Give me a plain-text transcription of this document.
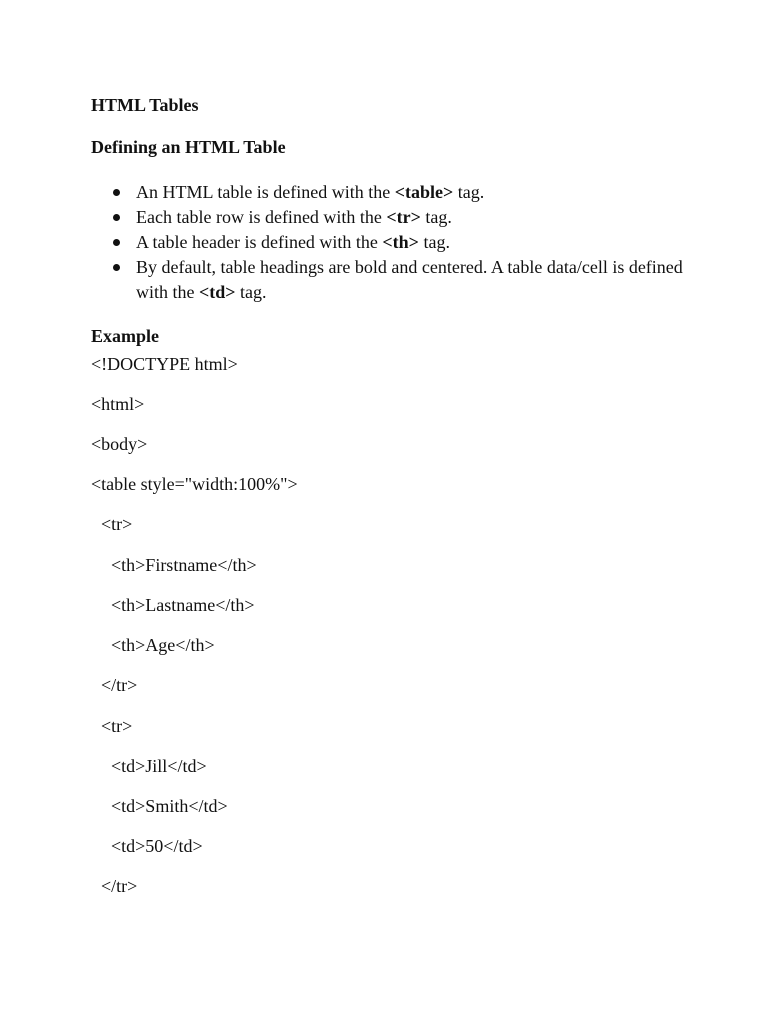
HTML Tables
Defining an HTML Table
An HTML table is defined with the <table> tag.
Each table row is defined with the <tr> tag.
A table header is defined with the <th> tag.
By default, table headings are bold and centered. A table data/cell is defined with the <td> tag.
Example

<!DOCTYPE html>

<html>

<body>

<table style="width:100%">

<tr>

<th>Firstname</th>

<th>Lastname</th>

<th>Age</th>

</tr>

<tr>

<td>Jill</td>

<td>Smith</td>

<td>50</td>

</tr>
